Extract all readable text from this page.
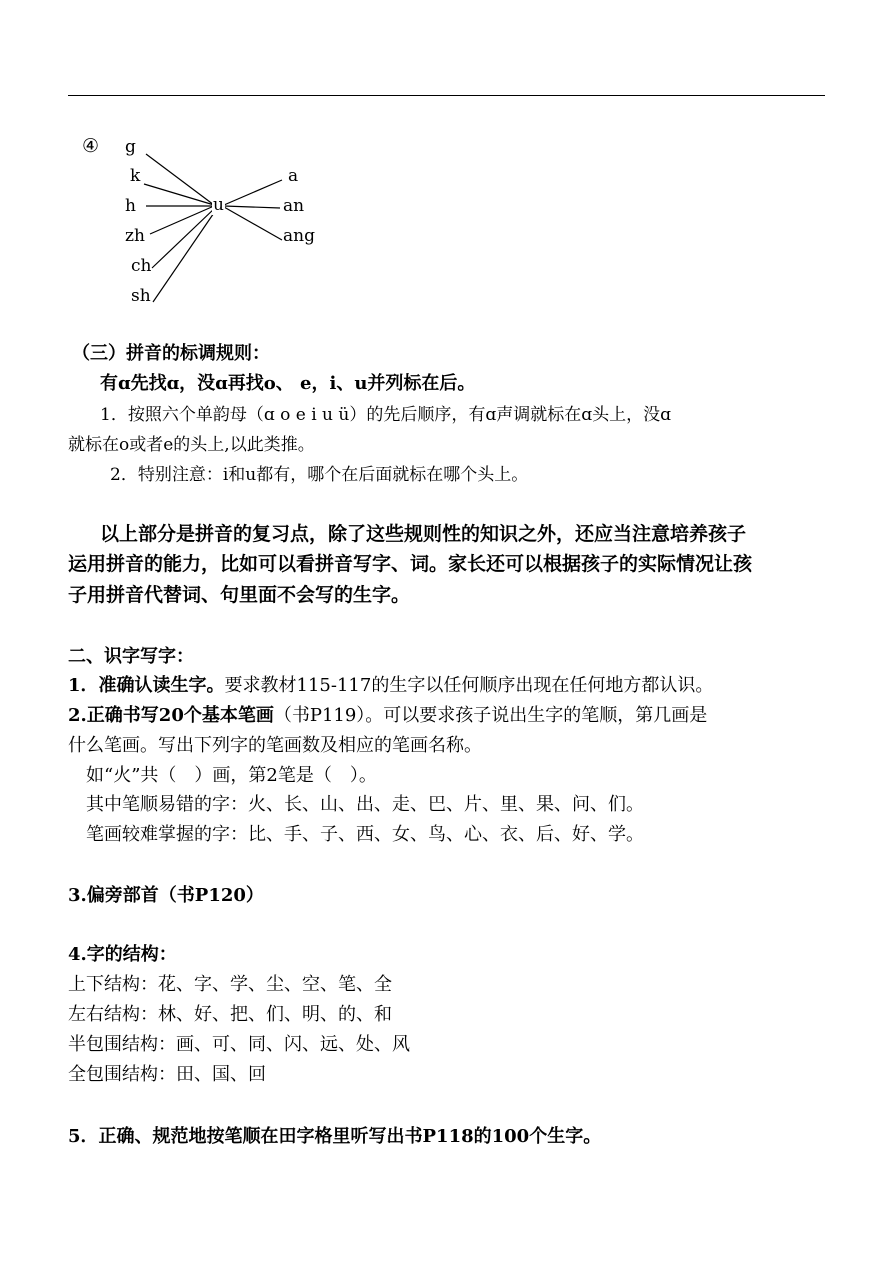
④ g
k
h
zh
ch
sh
u
a
an
ang
（三）拼音的标调规则：
有ɑ先找ɑ，没ɑ再找o、 e，i、u并列标在后。
1．按照六个单韵母（ɑ o e i u ü）的先后顺序，有ɑ声调就标在ɑ头上，没ɑ
就标在o或者e的头上,以此类推。
2．特别注意：i和u都有，哪个在后面就标在哪个头上。
以上部分是拼音的复习点，除了这些规则性的知识之外，还应当注意培养孩子
运用拼音的能力，比如可以看拼音写字、词。家长还可以根据孩子的实际情况让孩
子用拼音代替词、句里面不会写的生字。
二、识字写字：
1．准确认读生字。要求教材115-117的生字以任何顺序出现在任何地方都认识。
2.正确书写20个基本笔画（书P119）。可以要求孩子说出生字的笔顺，第几画是
什么笔画。写出下列字的笔画数及相应的笔画名称。
如“火”共（　）画，第2笔是（　）。
其中笔顺易错的字：火、长、山、出、走、巴、片、里、果、问、们。
笔画较难掌握的字：比、手、子、西、女、鸟、心、衣、后、好、学。
3.偏旁部首（书P120）
4.字的结构：
上下结构：花、字、学、尘、空、笔、全
左右结构：林、好、把、们、明、的、和
半包围结构：画、可、同、闪、远、处、风
全包围结构：田、国、回
5．正确、规范地按笔顺在田字格里听写出书P118的100个生字。
